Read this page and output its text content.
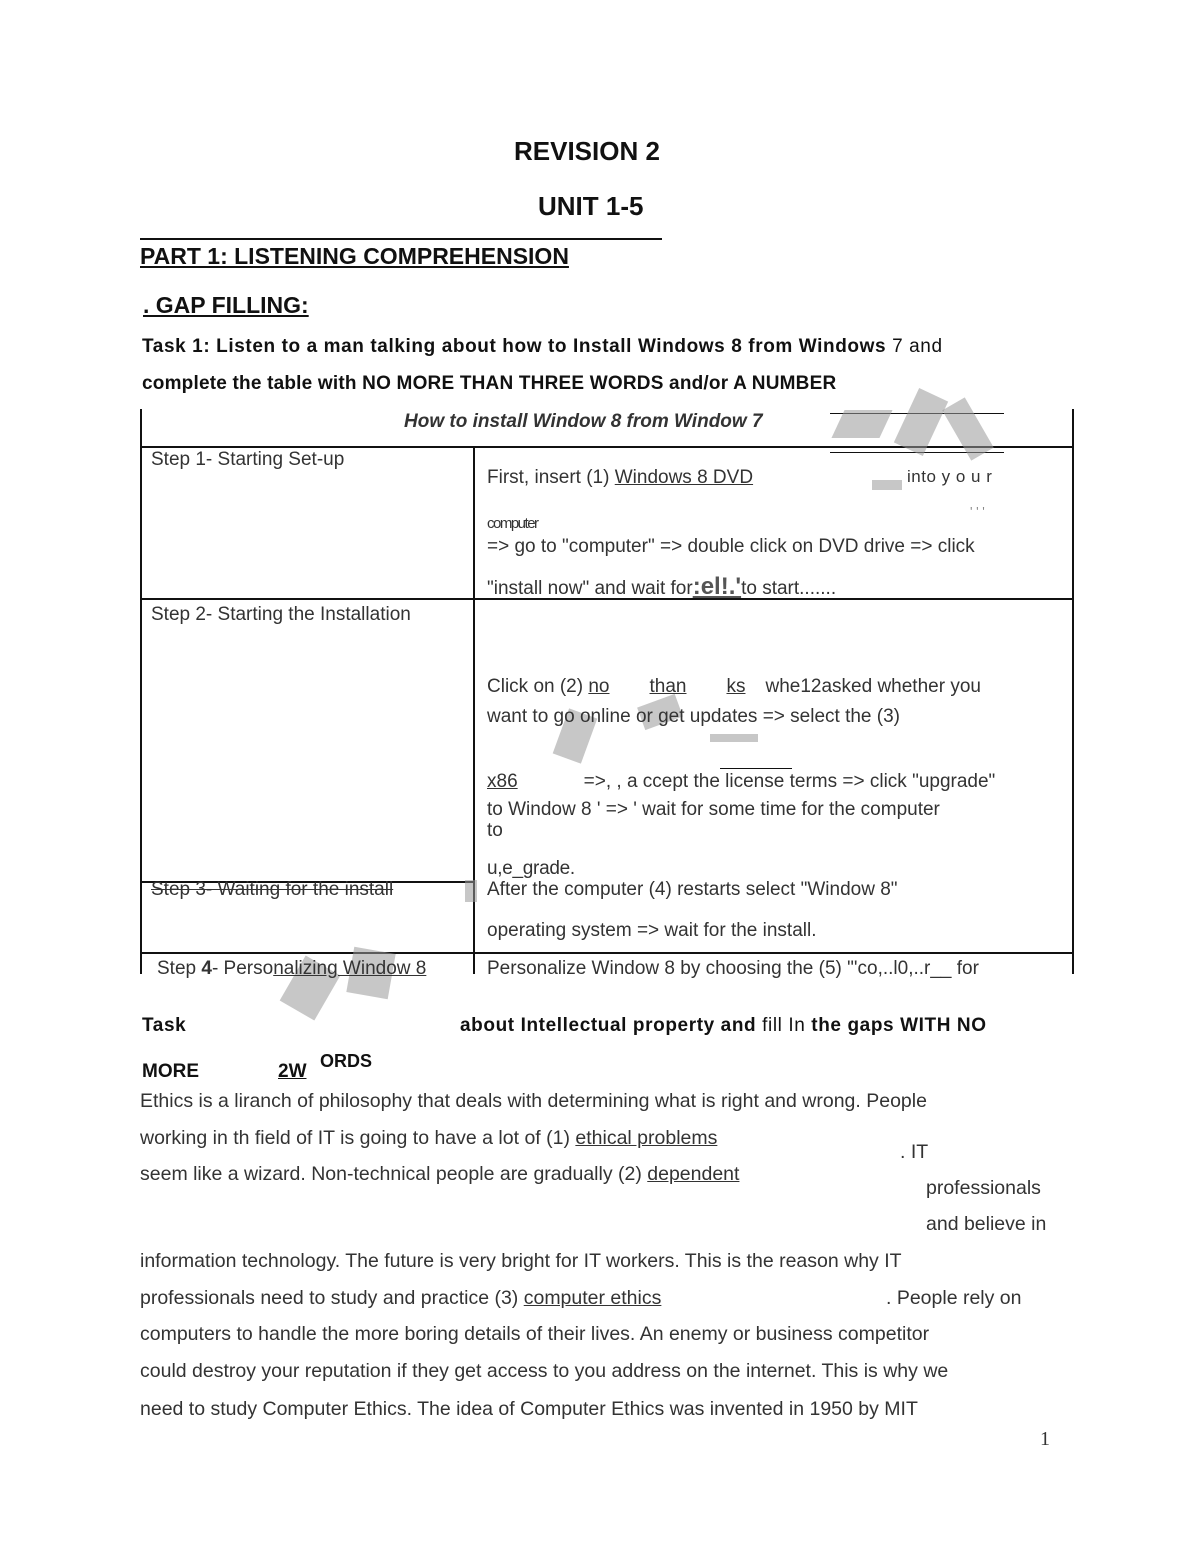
REVISION 2
UNIT 1-5
PART 1: LISTENING COMPREHENSION
. GAP FILLING:
Task 1: Listen to a man talking about how to Install Windows 8 from Windows 7 and
complete the table with NO MORE THAN THREE WORDS and/or A NUMBER
How to install Window 8 from Window 7
Step 1- Starting Set-up
First, insert (1) Windows 8 DVD	into y o u r
computer
' ' '
=> go to "computer" => double click on DVD drive => click
"install now" and wait for:el!.'to start.......
Step 2- Starting the Installation
Click on (2) no than ks whe12asked whether you
want to go online or get updates => select the (3)
x86	=>, , a ccept the license terms => click "upgrade"
to Window 8 ' => ' wait for some time for the computer
to
u,e_grade.
Step 3- Waiting for the install	After the computer (4) restarts select "Window 8"
operating system => wait for the install.
Step 4- Personalizing Window 8	Personalize Window 8 by choosing the (5) "'co,..l0,..r__ for
Task	about Intellectual property and fill In the gaps WITH NO
MORE	2W ORDS
Ethics is a liranch of philosophy that deals with determining what is right and wrong. People
working in th field of IT is going to have a lot of (1) ethical problems
. IT
seem like a wizard. Non-technical people are gradually (2) dependent
professionals
and believe in
information technology. The future is very bright for IT workers. This is the reason why IT
professionals need to study and practice (3) computer ethics	. People rely on
computers to handle the more boring details of their lives. An enemy or business competitor
could destroy your reputation if they get access to you address on the internet. This is why we
need to study Computer Ethics. The idea of Computer Ethics was invented in 1950 by MIT
1
